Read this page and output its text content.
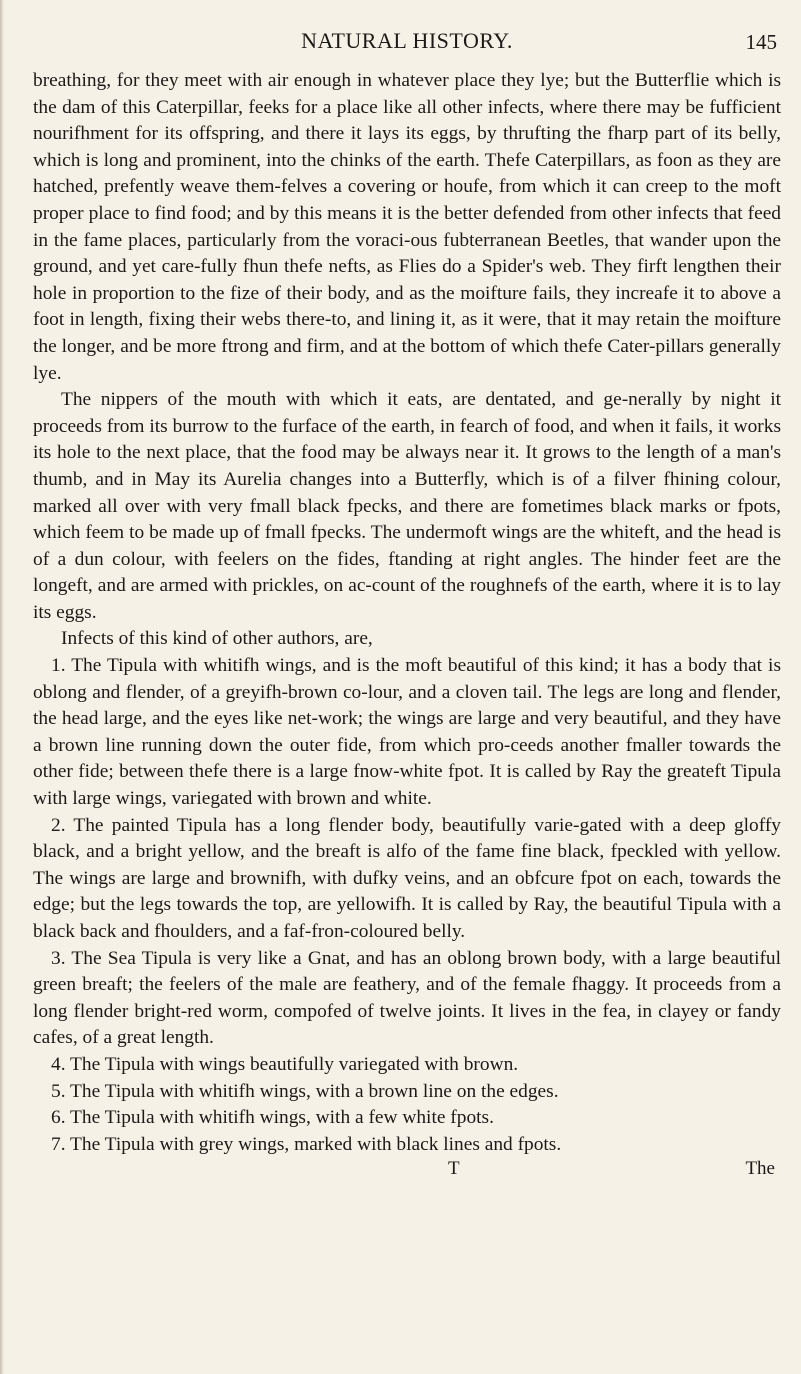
NATURAL HISTORY.	145

breathing, for they meet with air enough in whatever place they lye; but the Butterflie which is the dam of this Caterpillar, feeks for a place like all other infects, where there may be fufficient nourifhment for its offspring, and there it lays its eggs, by thrufting the fharp part of its belly, which is long and prominent, into the chinks of the earth. Thefe Caterpillars, as foon as they are hatched, prefently weave them-felves a covering or houfe, from which it can creep to the moft proper place to find food; and by this means it is the better defended from other infects that feed in the fame places, particularly from the voraci-ous fubterranean Beetles, that wander upon the ground, and yet care-fully fhun thefe nefts, as Flies do a Spider's web. They firft lengthen their hole in proportion to the fize of their body, and as the moifture fails, they increafe it to above a foot in length, fixing their webs there-to, and lining it, as it were, that it may retain the moifture the longer, and be more ftrong and firm, and at the bottom of which thefe Cater-pillars generally lye.

The nippers of the mouth with which it eats, are dentated, and ge-nerally by night it proceeds from its burrow to the furface of the earth, in fearch of food, and when it fails, it works its hole to the next place, that the food may be always near it. It grows to the length of a man's thumb, and in May its Aurelia changes into a Butterfly, which is of a filver fhining colour, marked all over with very fmall black fpecks, and there are fometimes black marks or fpots, which feem to be made up of fmall fpecks. The undermoft wings are the whiteft, and the head is of a dun colour, with feelers on the fides, ftanding at right angles. The hinder feet are the longeft, and are armed with prickles, on ac-count of the roughnefs of the earth, where it is to lay its eggs.

Infects of this kind of other authors, are,

1. The Tipula with whitifh wings, and is the moft beautiful of this kind; it has a body that is oblong and flender, of a greyifh-brown co-lour, and a cloven tail. The legs are long and flender, the head large, and the eyes like net-work; the wings are large and very beautiful, and they have a brown line running down the outer fide, from which pro-ceeds another fmaller towards the other fide; between thefe there is a large fnow-white fpot. It is called by Ray the greateft Tipula with large wings, variegated with brown and white.

2. The painted Tipula has a long flender body, beautifully varie-gated with a deep gloffy black, and a bright yellow, and the breaft is alfo of the fame fine black, fpeckled with yellow. The wings are large and brownifh, with dufky veins, and an obfcure fpot on each, towards the edge; but the legs towards the top, are yellowifh. It is called by Ray, the beautiful Tipula with a black back and fhoulders, and a faf-fron-coloured belly.

3. The Sea Tipula is very like a Gnat, and has an oblong brown body, with a large beautiful green breaft; the feelers of the male are feathery, and of the female fhaggy. It proceeds from a long flender bright-red worm, compofed of twelve joints. It lives in the fea, in clayey or fandy cafes, of a great length.

4. The Tipula with wings beautifully variegated with brown.

5. The Tipula with whitifh wings, with a brown line on the edges.

6. The Tipula with whitifh wings, with a few white fpots.

7. The Tipula with grey wings, marked with black lines and fpots.

T	The
